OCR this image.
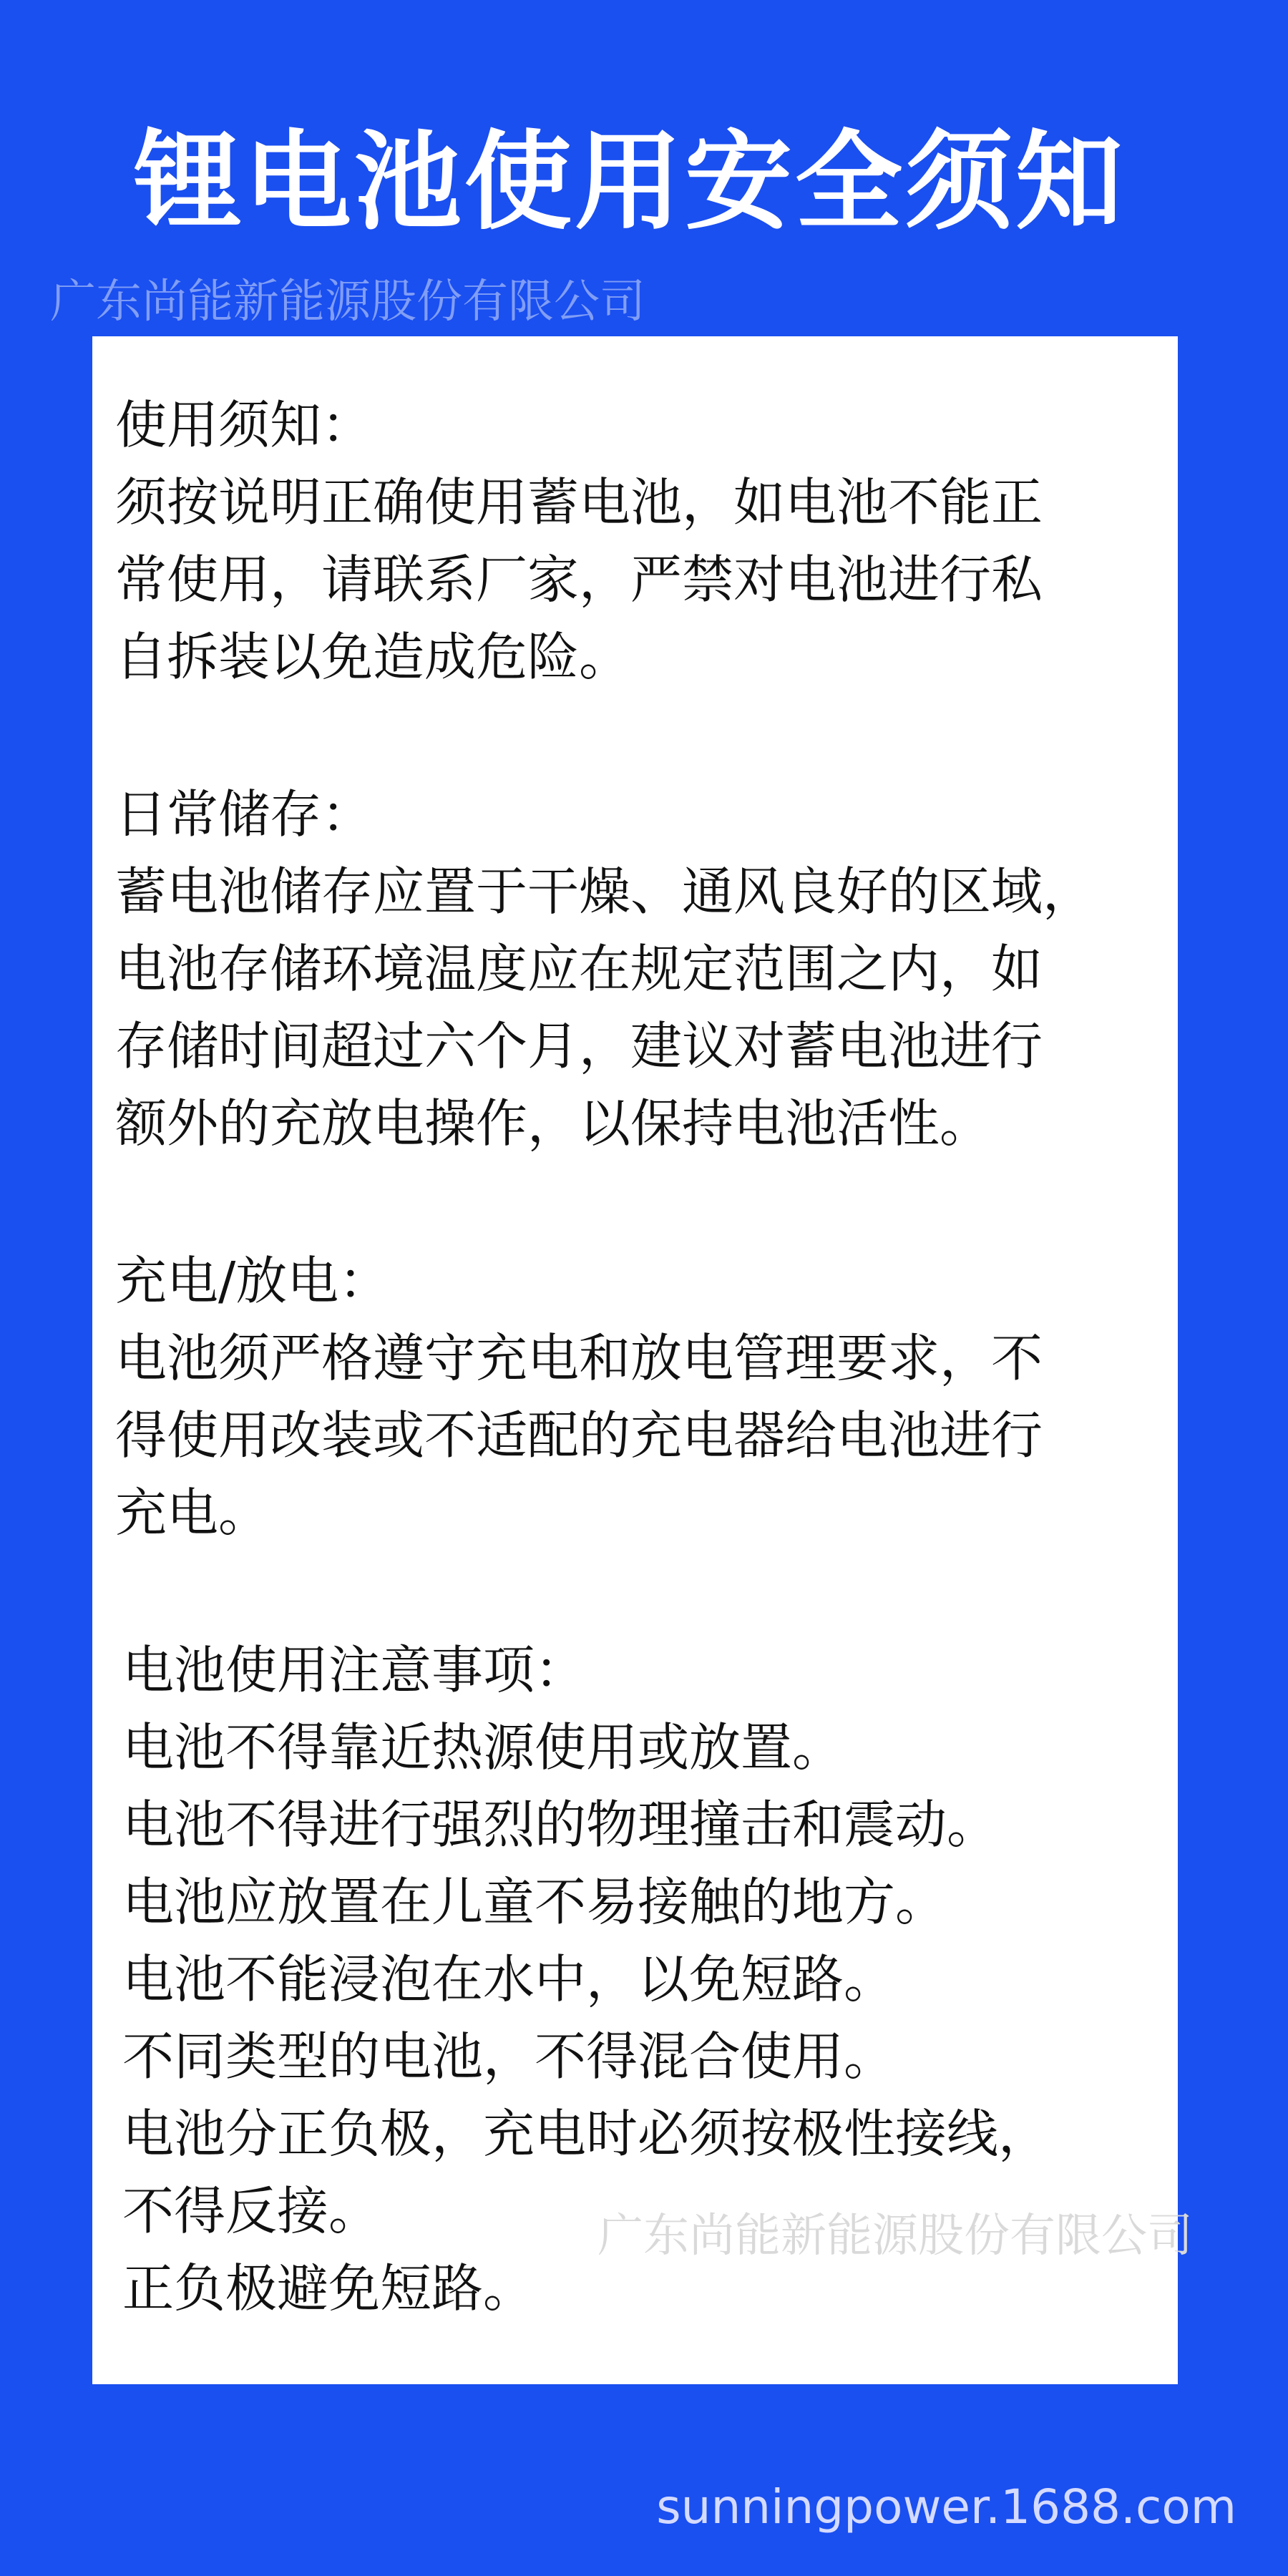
锂电池使用安全须知
广东尚能新能源股份有限公司
使用须知：
须按说明正确使用蓄电池，如电池不能正
常使用，请联系厂家，严禁对电池进行私
自拆装以免造成危险。
日常储存：
蓄电池储存应置于干燥、通风良好的区域，
电池存储环境温度应在规定范围之内，如
存储时间超过六个月，建议对蓄电池进行
额外的充放电操作，以保持电池活性。
充电/放电：
电池须严格遵守充电和放电管理要求，不
得使用改装或不适配的充电器给电池进行
充电。
电池使用注意事项：
电池不得靠近热源使用或放置。
电池不得进行强烈的物理撞击和震动。
电池应放置在儿童不易接触的地方。
电池不能浸泡在水中，以免短路。
不同类型的电池，不得混合使用。
电池分正负极，充电时必须按极性接线，
不得反接。
正负极避免短路。
广东尚能新能源股份有限公司
sunningpower.1688.com
